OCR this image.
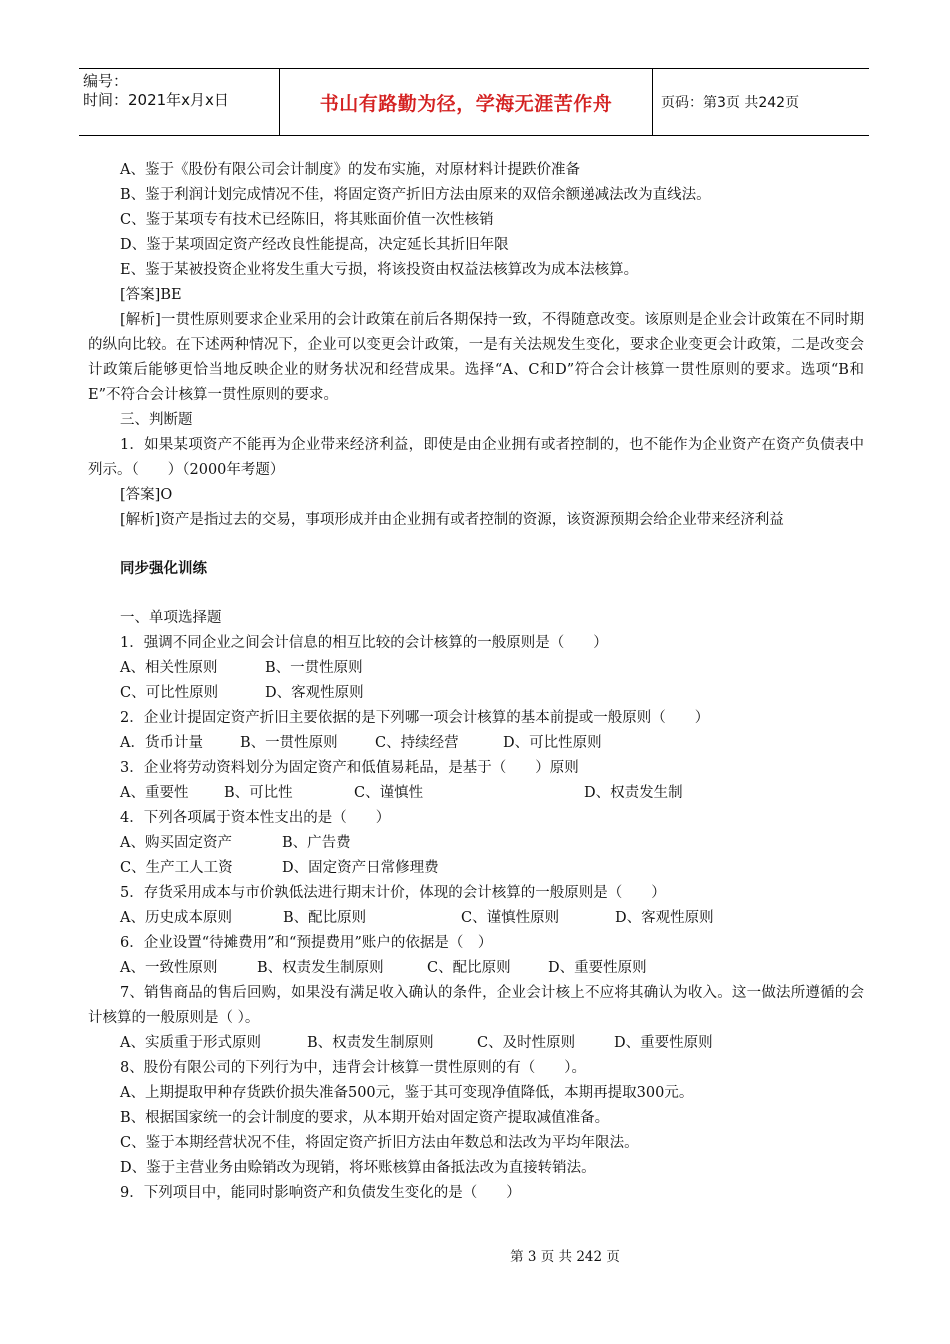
编号：
时间：2021年x月x日	书山有路勤为径，学海无涯苦作舟	页码：第3页 共242页
A、鉴于《股份有限公司会计制度》的发布实施，对原材料计提跌价准备
B、鉴于利润计划完成情况不佳，将固定资产折旧方法由原来的双倍余额递减法改为直线法。
C、鉴于某项专有技术已经陈旧，将其账面价值一次性核销
D、鉴于某项固定资产经改良性能提高，决定延长其折旧年限
E、鉴于某被投资企业将发生重大亏损，将该投资由权益法核算改为成本法核算。
[答案]BE
[解析]一贯性原则要求企业采用的会计政策在前后各期保持一致，不得随意改变。该原则是企业会计政策在不同时期的纵向比较。在下述两种情况下，企业可以变更会计政策，一是有关法规发生变化，要求企业变更会计政策，二是改变会计政策后能够更恰当地反映企业的财务状况和经营成果。选择“A、C和D”符合会计核算一贯性原则的要求。选项“B和E”不符合会计核算一贯性原则的要求。
三、判断题
1．如果某项资产不能再为企业带来经济利益，即使是由企业拥有或者控制的，也不能作为企业资产在资产负债表中列示。（　　）（2000年考题）
[答案]O
[解析]资产是指过去的交易，事项形成并由企业拥有或者控制的资源，该资源预期会给企业带来经济利益
同步强化训练
一、单项选择题
1．强调不同企业之间会计信息的相互比较的会计核算的一般原则是（　　）
A、相关性原则	B、一贯性原则
C、可比性原则	D、客观性原则
2．企业计提固定资产折旧主要依据的是下列哪一项会计核算的基本前提或一般原则（　　）
A．货币计量	B、一贯性原则	C、持续经营	D、可比性原则
3．企业将劳动资料划分为固定资产和低值易耗品，是基于（　　）原则
A、重要性 B、可比性	C、谨慎性	D、权责发生制
4．下列各项属于资本性支出的是（　　）
A、购买固定资产	B、广告费
C、生产工人工资	D、固定资产日常修理费
5．存货采用成本与市价孰低法进行期末计价，体现的会计核算的一般原则是（　　）
A、历史成本原则	B、配比原则	C、谨慎性原则	D、客观性原则
6．企业设置“待摊费用”和“预提费用”账户的依据是（　）
A、一致性原则	B、权责发生制原则	C、配比原则	D、重要性原则
7、销售商品的售后回购，如果没有满足收入确认的条件，企业会计核上不应将其确认为收入。这一做法所遵循的会计核算的一般原则是（ ）。
A、实质重于形式原则	B、权责发生制原则	C、及时性原则	D、重要性原则
8、股份有限公司的下列行为中，违背会计核算一贯性原则的有（　　）。
A、上期提取甲种存货跌价损失准备500元，鉴于其可变现净值降低，本期再提取300元。
B、根据国家统一的会计制度的要求，从本期开始对固定资产提取减值准备。
C、鉴于本期经营状况不佳，将固定资产折旧方法由年数总和法改为平均年限法。
D、鉴于主营业务由赊销改为现销，将坏账核算由备抵法改为直接转销法。
9．下列项目中，能同时影响资产和负债发生变化的是（　　）
第 3 页 共 242 页
